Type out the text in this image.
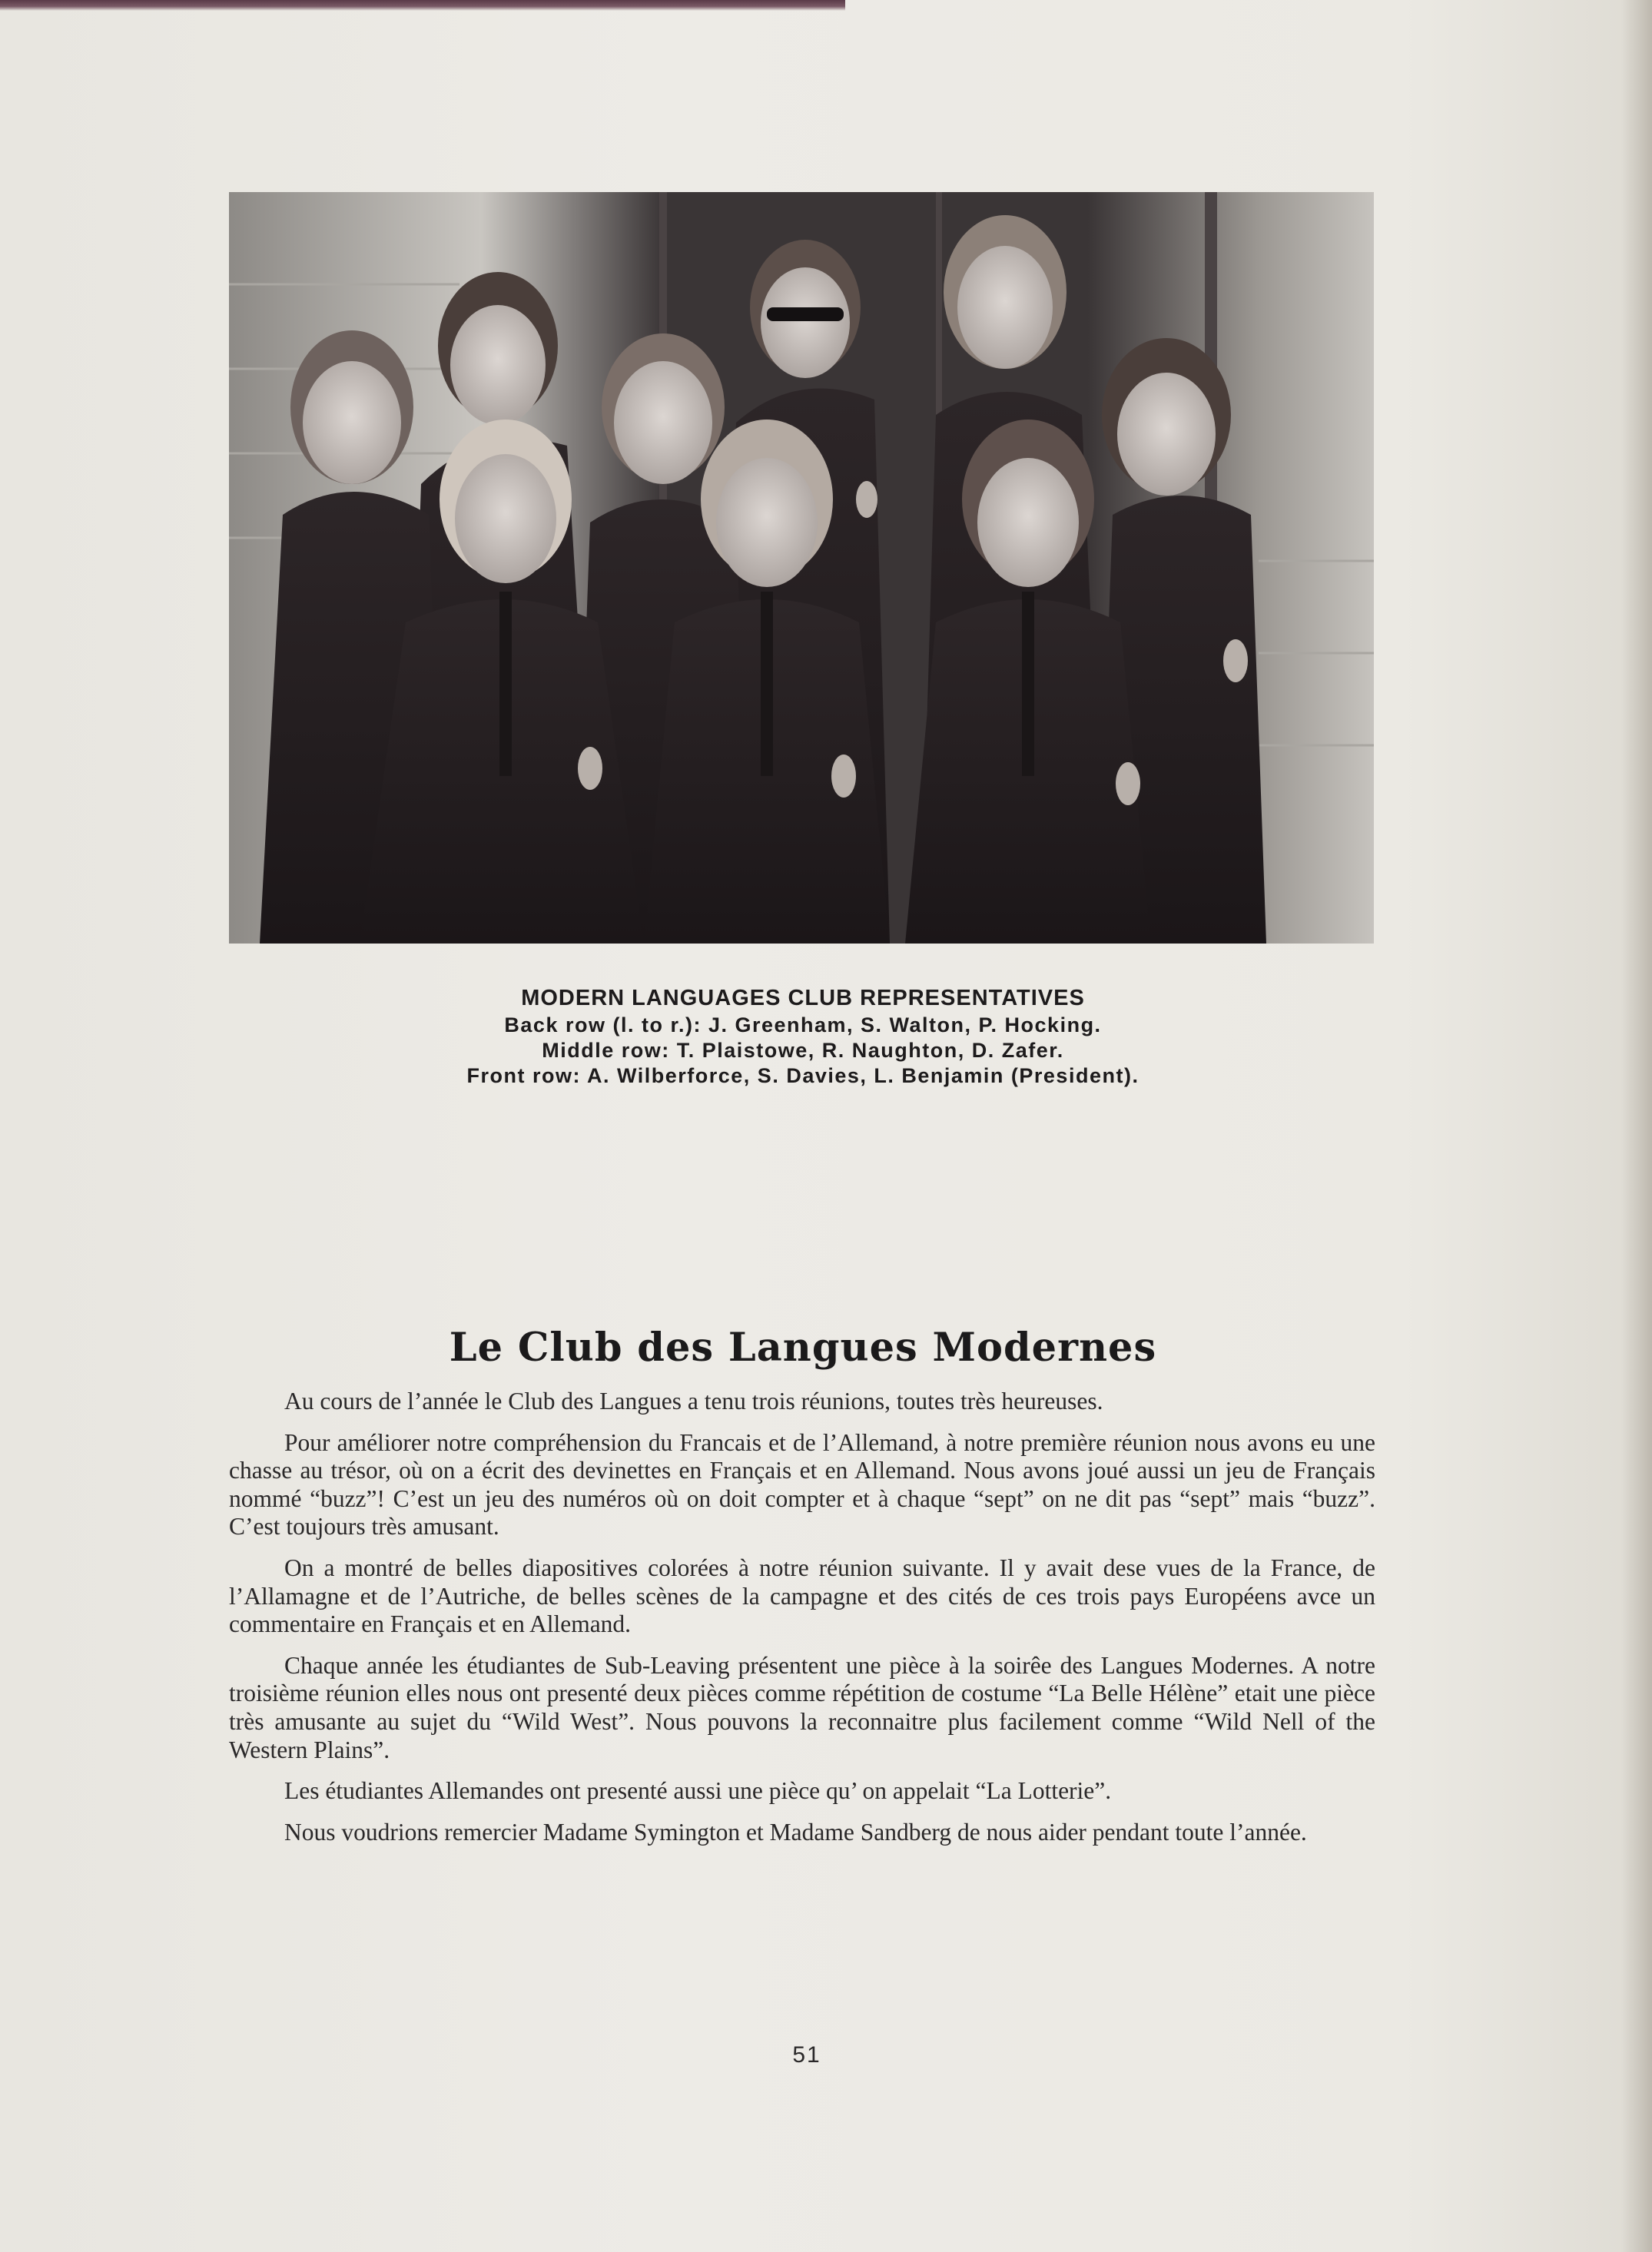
MODERN LANGUAGES CLUB REPRESENTATIVES
Back row (l. to r.): J. Greenham, S. Walton, P. Hocking.
Middle row: T. Plaistowe, R. Naughton, D. Zafer.
Front row: A. Wilberforce, S. Davies, L. Benjamin (President).
Le Club des Langues Modernes

Au cours de l’année le Club des Langues a tenu trois réunions, toutes très heureuses.

Pour améliorer notre compréhension du Francais et de l’Allemand, à notre première réunion nous avons eu une chasse au trésor, où on a écrit des devinettes en Français et en Allemand. Nous avons joué aussi un jeu de Français nommé “buzz”! C’est un jeu des numéros où on doit compter et à chaque “sept” on ne dit pas “sept” mais “buzz”. C’est toujours très amusant.

On a montré de belles diapositives colorées à notre réunion suivante. Il y avait dese vues de la France, de l’Allamagne et de l’Autriche, de belles scènes de la campagne et des cités de ces trois pays Européens avce un commentaire en Français et en Allemand.

Chaque année les étudiantes de Sub-Leaving présentent une pièce à la soirêe des Langues Modernes. A notre troisième réunion elles nous ont presenté deux pièces comme répétition de costume “La Belle Hélène” etait une pièce très amusante au sujet du “Wild West”. Nous pouvons la reconnaitre plus facilement comme “Wild Nell of the Western Plains”.

Les étudiantes Allemandes ont presenté aussi une pièce qu’ on appelait “La Lotterie”.

Nous voudrions remercier Madame Symington et Madame Sandberg de nous aider pendant toute l’année.

51
